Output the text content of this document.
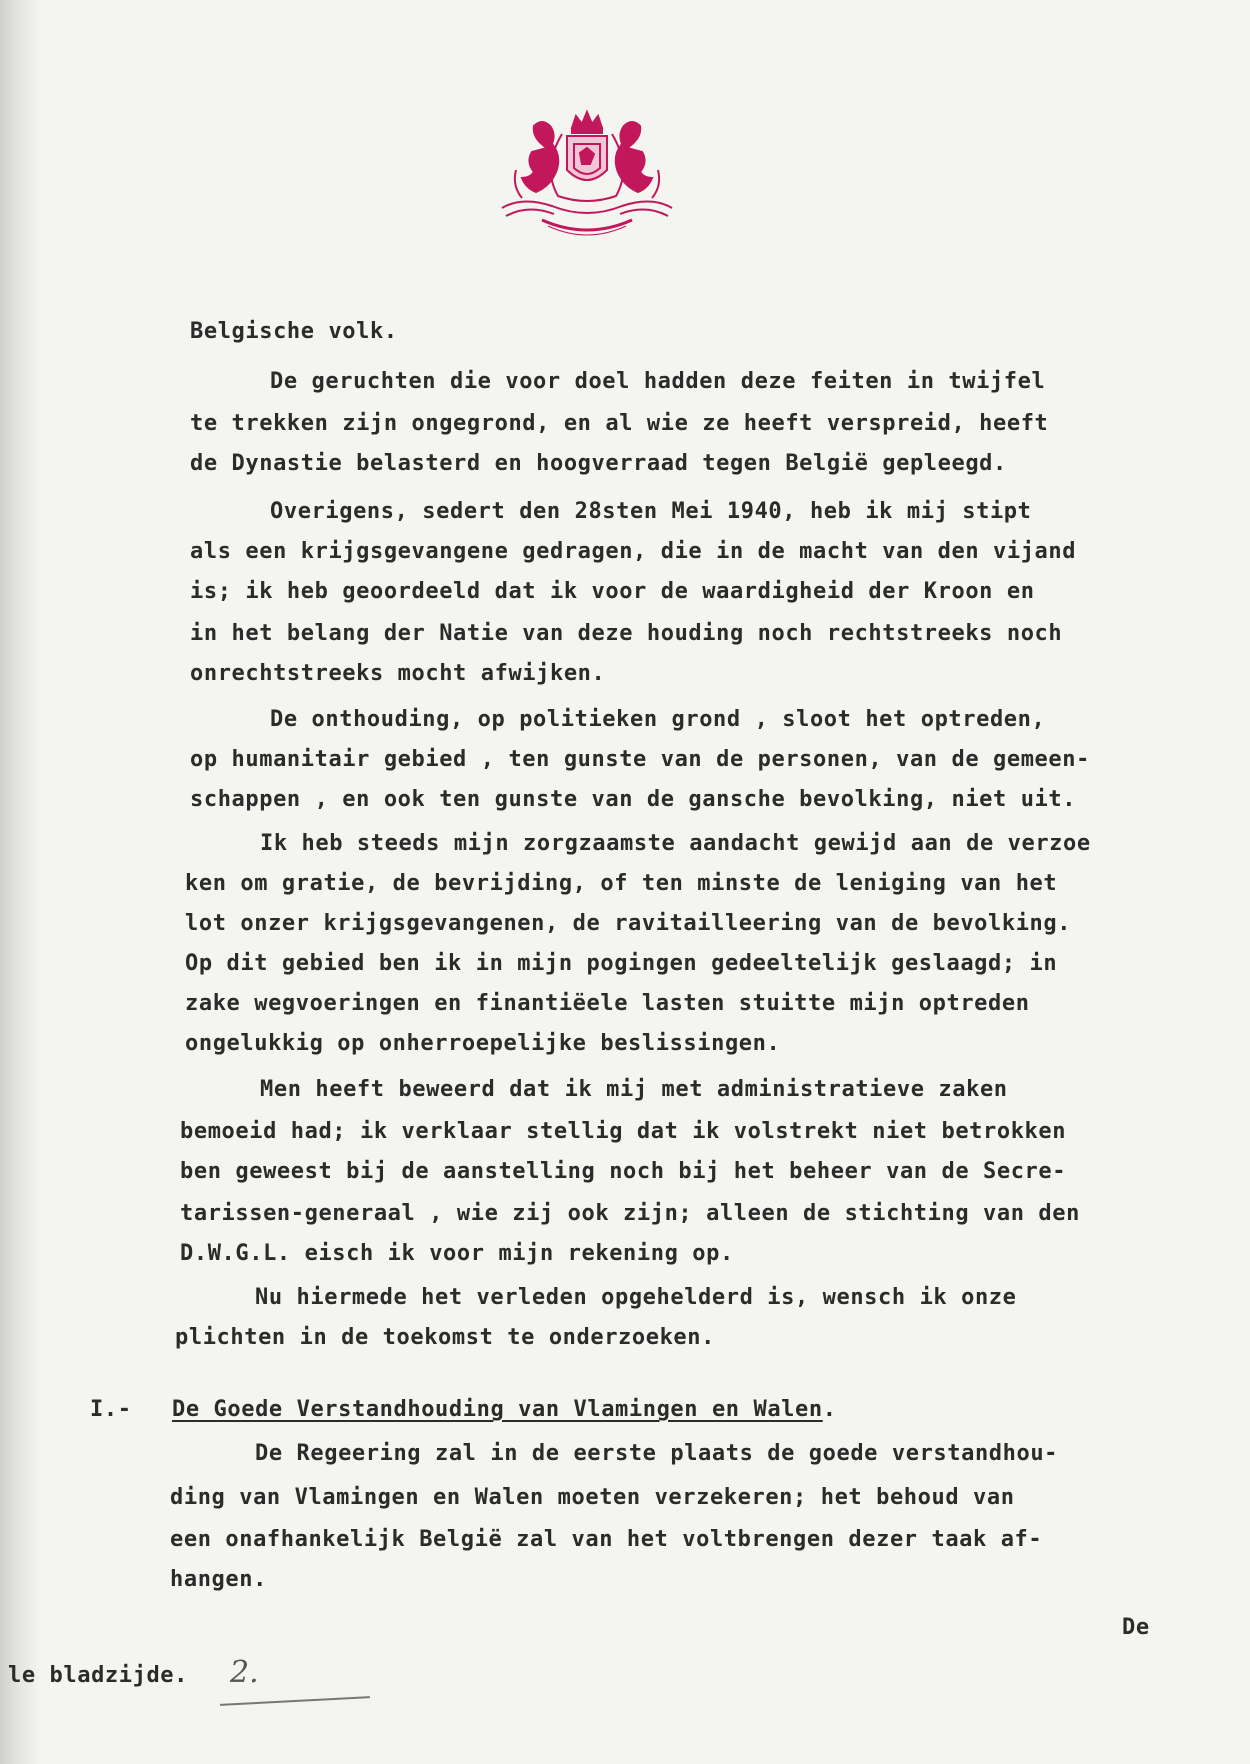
Belgische volk.

De geruchten die voor doel hadden deze feiten in twijfel

te trekken zijn ongegrond, en al wie ze heeft verspreid, heeft

de Dynastie belasterd en hoogverraad tegen België gepleegd.

Overigens, sedert den 28sten Mei 1940, heb ik mij stipt

als een krijgsgevangene gedragen, die in de macht van den vijand

is; ik heb geoordeeld dat ik voor de waardigheid der Kroon en

in het belang der Natie van deze houding noch rechtstreeks noch

onrechtstreeks mocht afwijken.

De onthouding, op politieken grond , sloot het optreden,

op humanitair gebied , ten gunste van de personen, van de gemeen-

schappen , en ook ten gunste van de gansche bevolking, niet uit.

Ik heb steeds mijn zorgzaamste aandacht gewijd aan de verzoe

ken om gratie, de bevrijding, of ten minste de leniging van het

lot onzer krijgsgevangenen, de ravitailleering van de bevolking.

Op dit gebied ben ik in mijn pogingen gedeeltelijk geslaagd; in

zake wegvoeringen en finantiëele lasten stuitte mijn optreden

ongelukkig op onherroepelijke beslissingen.

Men heeft beweerd dat ik mij met administratieve zaken

bemoeid had; ik verklaar stellig dat ik volstrekt niet betrokken

ben geweest bij de aanstelling noch bij het beheer van de Secre-

tarissen-generaal , wie zij ook zijn; alleen de stichting van den

D.W.G.L. eisch ik voor mijn rekening op.

Nu hiermede het verleden opgehelderd is, wensch ik onze

plichten in de toekomst te onderzoeken.

I.- De Goede Verstandhouding van Vlamingen en Walen.

De Regeering zal in de eerste plaats de goede verstandhou-

ding van Vlamingen en Walen moeten verzekeren; het behoud van

een onafhankelijk België zal van het voltbrengen dezer taak af-

hangen.

De

le bladzijde. 2.
